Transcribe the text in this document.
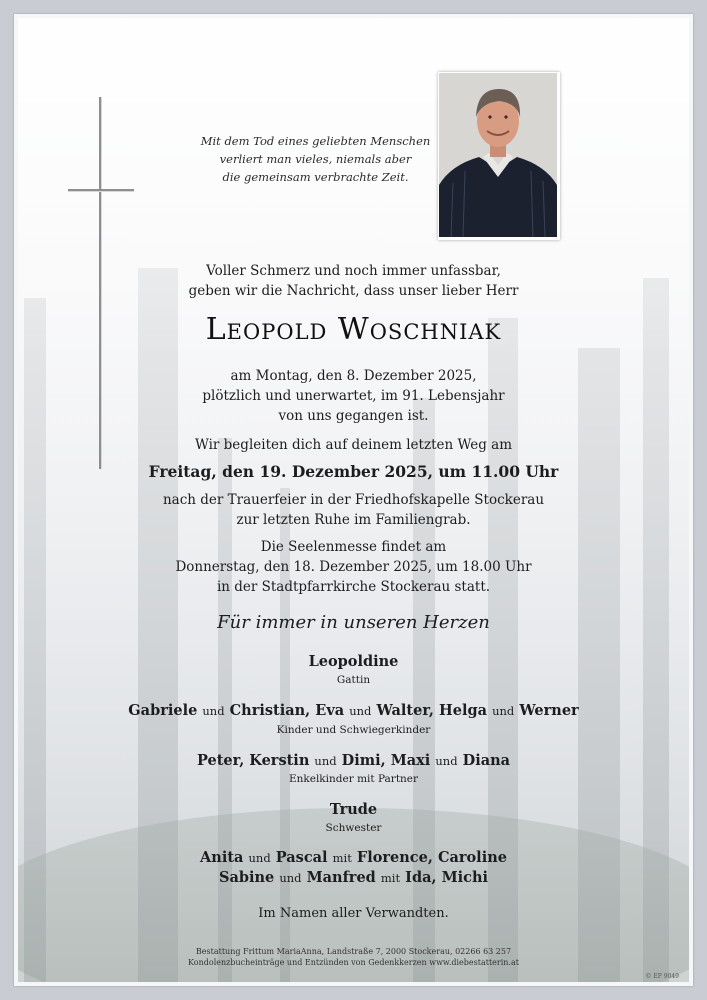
Mit dem Tod eines geliebten Menschen
verliert man vieles, niemals aber
die gemeinsam verbrachte Zeit.
Voller Schmerz und noch immer unfassbar,
geben wir die Nachricht, dass unser lieber Herr
Leopold Woschniak
am Montag, den 8. Dezember 2025,
plötzlich und unerwartet, im 91. Lebensjahr
von uns gegangen ist.
Wir begleiten dich auf deinem letzten Weg am
Freitag, den 19. Dezember 2025, um 11.00 Uhr
nach der Trauerfeier in der Friedhofskapelle Stockerau
zur letzten Ruhe im Familiengrab.
Die Seelenmesse findet am
Donnerstag, den 18. Dezember 2025, um 18.00 Uhr
in der Stadtpfarrkirche Stockerau statt.
Für immer in unseren Herzen
Leopoldine
Gattin
Gabriele und Christian, Eva und Walter, Helga und Werner
Kinder und Schwiegerkinder
Peter, Kerstin und Dimi, Maxi und Diana
Enkelkinder mit Partner
Trude
Schwester
Anita und Pascal mit Florence, Caroline
Sabine und Manfred mit Ida, Michi
Im Namen aller Verwandten.
Bestattung Frittum MariaAnna, Landstraße 7, 2000 Stockerau, 02266 63 257
Kondolenzbucheinträge und Entzünden von Gedenkkerzen www.diebestatterin.at
© EP 9049
